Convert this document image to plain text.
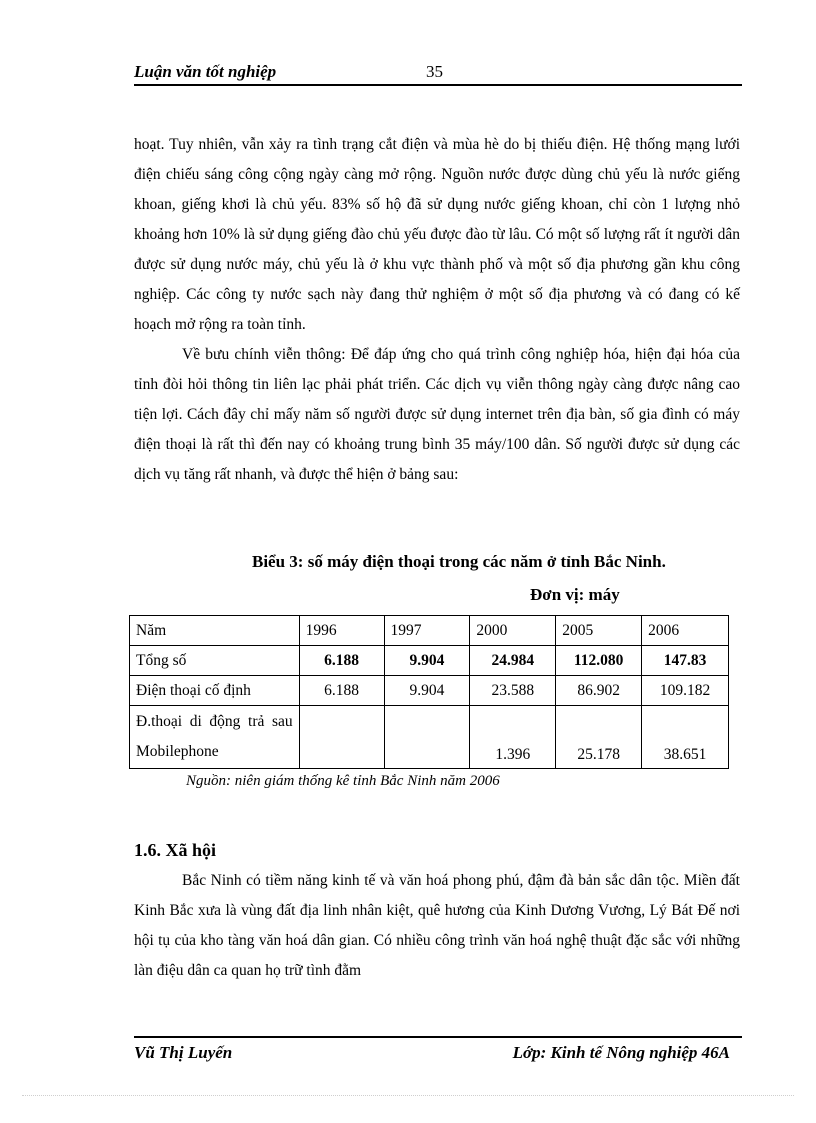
Luận văn tốt nghiệp	35

hoạt. Tuy nhiên, vẫn xảy ra tình trạng cắt điện và mùa hè do bị thiếu điện. Hệ thống mạng lưới điện chiếu sáng công cộng ngày càng mở rộng. Nguồn nước được dùng chủ yếu là nước giếng khoan, giếng khơi là chủ yếu. 83% số hộ đã sử dụng nước giếng khoan, chỉ còn 1 lượng nhỏ khoảng hơn 10% là sử dụng giếng đào chủ yếu được đào từ lâu. Có một số lượng rất ít người dân được sử dụng nước máy, chủ yếu là ở khu vực thành phố và một số địa phương gần khu công nghiệp. Các công ty nước sạch này đang thử nghiệm ở một số địa phương và có đang có kế hoạch mở rộng ra toàn tỉnh.

Về bưu chính viễn thông: Để đáp ứng cho quá trình công nghiệp hóa, hiện đại hóa của tỉnh đòi hỏi thông tin liên lạc phải phát triển. Các dịch vụ viễn thông ngày càng được nâng cao tiện lợi. Cách đây chỉ mấy năm số người được sử dụng internet trên địa bàn, số gia đình có máy điện thoại là rất thì đến nay có khoảng trung bình 35 máy/100 dân. Số người được sử dụng các dịch vụ tăng rất nhanh, và được thể hiện ở bảng sau:

Biểu 3: số máy điện thoại trong các năm ở tỉnh Bắc Ninh.
Đơn vị: máy
Năm	1996	1997	2000	2005	2006
Tổng số	6.188	9.904	24.984	112.080	147.83
Điện thoại cố định	6.188	9.904	23.588	86.902	109.182
Đ.thoại di động trả sau Mobilephone			1.396	25.178	38.651
Nguồn: niên giám thống kê tỉnh Bắc Ninh năm 2006
1.6. Xã hội

Bắc Ninh có tiềm năng kinh tế và văn hoá phong phú, đậm đà bản sắc dân tộc. Miền đất Kinh Bắc xưa là vùng đất địa linh nhân kiệt, quê hương của Kinh Dương Vương, Lý Bát Đế nơi hội tụ của kho tàng văn hoá dân gian. Có nhiều công trình văn hoá nghệ thuật đặc sắc với những làn điệu dân ca quan họ trữ tình đằm

Vũ Thị Luyến	Lớp: Kinh tế Nông nghiệp 46A
